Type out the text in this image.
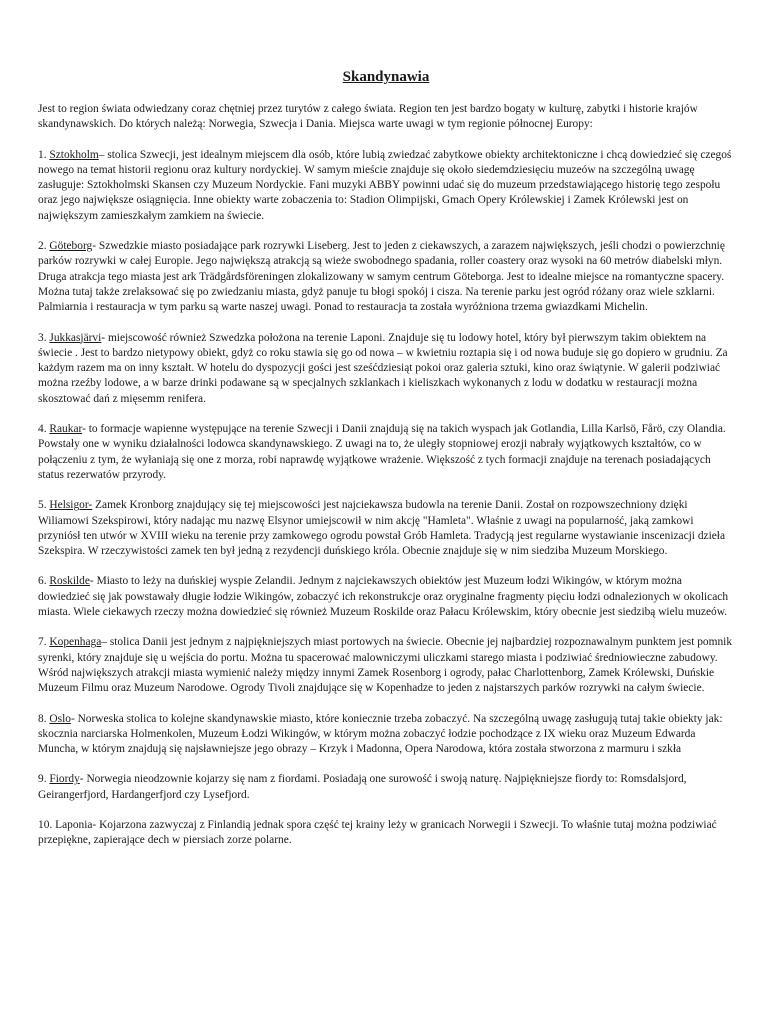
Skandynawia

Jest to region świata odwiedzany coraz chętniej przez turytów z całego świata. Region ten jest bardzo bogaty w kulturę, zabytki i historie krajów skandynawskich. Do których należą: Norwegia, Szwecja i Dania. Miejsca warte uwagi w tym regionie północnej Europy:

1. Sztokholm– stolica Szwecji, jest idealnym miejscem dla osób, które lubią zwiedzać zabytkowe obiekty architektoniczne i chcą dowiedzieć się czegoś nowego na temat historii regionu oraz kultury nordyckiej. W samym mieście znajduje się około siedemdziesięciu muzeów na szczególną uwagę zasługuje: Sztokholmski Skansen czy Muzeum Nordyckie. Fani muzyki ABBY powinni udać się do muzeum przedstawiającego historię tego zespołu oraz jego największe osiągnięcia. Inne obiekty warte zobaczenia to: Stadion Olimpijski, Gmach Opery Królewskiej i Zamek Królewski jest on największym zamieszkałym zamkiem na świecie.

2. Göteborg- Szwedzkie miasto posiadające park rozrywki Liseberg. Jest to jeden z ciekawszych, a zarazem największych, jeśli chodzi o powierzchnię parków rozrywki w całej Europie. Jego największą atrakcją są wieże swobodnego spadania, roller coastery oraz wysoki na 60 metrów diabelski młyn. Druga atrakcja tego miasta jest ark Trädgårdsföreningen zlokalizowany w samym centrum Göteborga. Jest to idealne miejsce na romantyczne spacery. Można tutaj także zrelaksować się po zwiedzaniu miasta, gdyż panuje tu błogi spokój i cisza. Na terenie parku jest ogród różany oraz wiele szklarni. Palmiarnia i restauracja w tym parku są warte naszej uwagi. Ponad to restauracja ta została wyróżniona trzema gwiazdkami Michelin.

3. Jukkasjärvi- miejscowość również Szwedzka położona na terenie Laponi. Znajduje się tu lodowy hotel, który był pierwszym takim obiektem na świecie . Jest to bardzo nietypowy obiekt, gdyż co roku stawia się go od nowa – w kwietniu roztapia się i od nowa buduje się go dopiero w grudniu. Za każdym razem ma on inny kształt. W hotelu do dyspozycji gości jest sześćdziesiąt pokoi oraz galeria sztuki, kino oraz świątynie. W galerii podziwiać można rzeźby lodowe, a w barze drinki podawane są w specjalnych szklankach i kieliszkach wykonanych z lodu w dodatku w restauracji można skosztować dań z mięsemm renifera.

4. Raukar- to formacje wapienne występujące na terenie Szwecji i Danii znajdują się na takich wyspach jak Gotlandia, Lilla Karlsö, Fårö, czy Olandia. Powstały one w wyniku działalności lodowca skandynawskiego. Z uwagi na to, że uległy stopniowej erozji nabrały wyjątkowych kształtów, co w połączeniu z tym, że wyłaniają się one z morza, robi naprawdę wyjątkowe wrażenie. Większość z tych formacji znajduje na terenach posiadających status rezerwatów przyrody.

5. Helsigor- Zamek Kronborg znajdujący się tej miejscowości jest najciekawsza budowla na terenie Danii. Został on rozpowszechniony dzięki Wiliamowi Szekspirowi, który nadając mu nazwę Elsynor umiejscowił w nim akcję "Hamleta". Właśnie z uwagi na popularność, jaką zamkowi przyniósł ten utwór w XVIII wieku na terenie przy zamkowego ogrodu powstał Grób Hamleta. Tradycją jest regularne wystawianie inscenizacji dzieła Szekspira. W rzeczywistości zamek ten był jedną z rezydencji duńskiego króla. Obecnie znajduje się w nim siedziba Muzeum Morskiego.

6. Roskilde- Miasto to leży na duńskiej wyspie Zelandii. Jednym z najciekawszych obiektów jest Muzeum łodzi Wikingów, w którym można dowiedzieć się jak powstawały długie łodzie Wikingów, zobaczyć ich rekonstrukcje oraz oryginalne fragmenty pięciu łodzi odnalezionych w okolicach miasta. Wiele ciekawych rzeczy można dowiedzieć się również Muzeum Roskilde oraz Pałacu Królewskim, który obecnie jest siedzibą wielu muzeów.

7. Kopenhaga– stolica Danii jest jednym z najpiękniejszych miast portowych na świecie. Obecnie jej najbardziej rozpoznawalnym punktem jest pomnik syrenki, który znajduje się u wejścia do portu. Można tu spacerować malowniczymi uliczkami starego miasta i podziwiać średniowieczne zabudowy. Wśród największych atrakcji miasta wymienić należy między innymi Zamek Rosenborg i ogrody, pałac Charlottenborg, Zamek Królewski, Duńskie Muzeum Filmu oraz Muzeum Narodowe. Ogrody Tivoli znajdujące się w Kopenhadze to jeden z najstarszych parków rozrywki na całym świecie.

8. Oslo- Norweska stolica to kolejne skandynawskie miasto, które koniecznie trzeba zobaczyć. Na szczególną uwagę zasługują tutaj takie obiekty jak: skocznia narciarska Holmenkolen, Muzeum Łodzi Wikingów, w którym można zobaczyć łodzie pochodzące z IX wieku oraz Muzeum Edwarda Muncha, w którym znajdują się najsławniejsze jego obrazy – Krzyk i Madonna, Opera Narodowa, która została stworzona z marmuru i szkła

9. Fiordy- Norwegia nieodzownie kojarzy się nam z fiordami. Posiadają one surowość i swoją naturę. Najpiękniejsze fiordy to: Romsdalsjord, Geirangerfjord, Hardangerfjord czy Lysefjord.

10. Laponia- Kojarzona zazwyczaj z Finlandią jednak spora część tej krainy leży w granicach Norwegii i Szwecji. To właśnie tutaj można podziwiać przepiękne, zapierające dech w piersiach zorze polarne.
